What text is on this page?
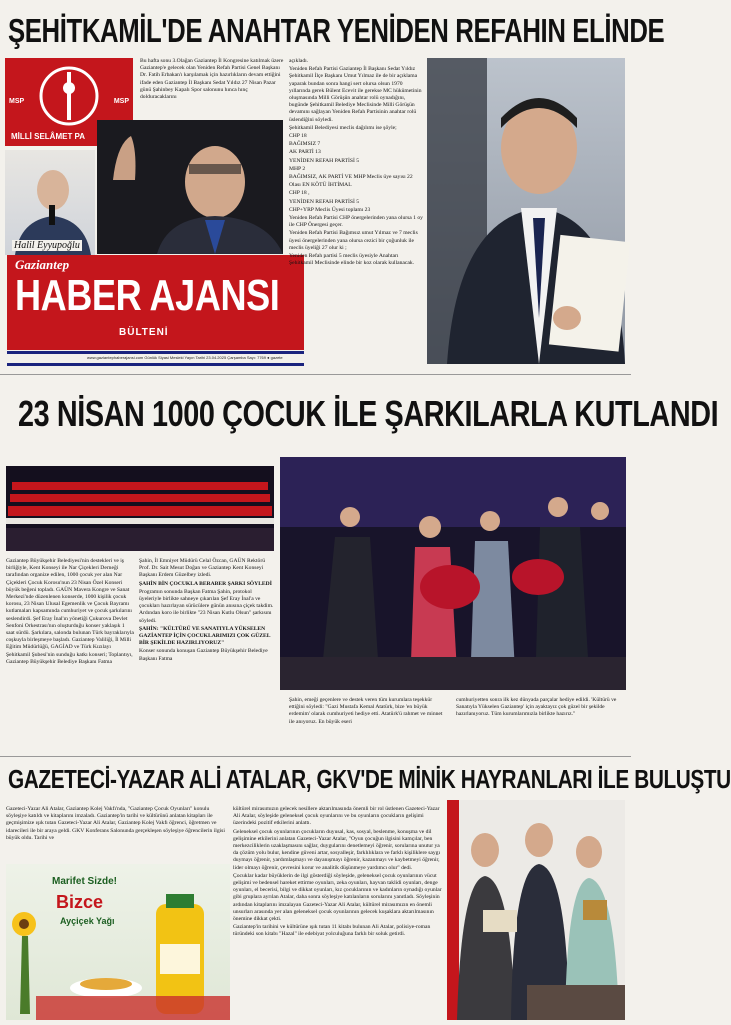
ŞEHİTKAMİL'DE ANAHTAR YENİDEN REFAHIN ELİNDE
MSP	MSP
MİLLİ SELÂMET PA
Halil Eyyupoğlu
Gaziantep
HABER AJANSI
BÜLTENİ
www.gaziantephaberajansi.com Günlük Siyasi Mesleki Yayın Tarihi 23.04.2025 Çarşamba Sayı: 7769 ● gazete

Bu hafta sonu 3.Olağan Gaziantep İl Kongresine katılmak üzere Gaziantep'e gelecek olan Yeniden Refah Partisi Genel Başkanı Dr. Fatih Erbakan'ı karşılamak için hazırlıkların devam ettiğini ifade eden Gaziantep İl Başkanı Sedat Yıldız 27 Nisan Pazar günü Şahinbey Kapalı Spor salonunu hınca hınç dolduracaklarını

açıkladı.

Yeniden Refah Partisi Gaziantep İl Başkanı Sedat Yıldız Şehitkamil İlçe Başkanı Umut Yılmaz ile de bir açıklama yaparak bundan sonra hangi sert olursa olsun 1970 yıllarında gerek Bülent Ecevit ile gerekse MC hükümetinin oluşmasında Milli Görüşün anahtar rolü oynadığını, bugünde Şehitkamil Belediye Meclisinde Milli Görüşün devamını sağlayan Yeniden Refah Partisinin anahtar rolü üslendiğini söyledi.

Şehitkamil Belediyesi meclis dağılımı ise şöyle;

CHP 18

BAĞIMSIZ 7

AK PARTİ 13

YENİDEN REFAH PARTİSİ 5

MHP 2

BAĞIMSIZ, AK PARTİ VE MHP Meclis üye sayısı 22

Olası EN KÖTÜ İHTİMAL

CHP 18 ,

YENİDEN REFAH PARTİSİ 5

CHP+YRP Meclis Üyesi toplamı 23

Yeniden Refah Partisi CHP önergelerinden yana olursa 1 oy ile CHP Önergesi geçer.

Yeniden Refah Partisi Bağımsız umut Yılmaz ve 7 meclis üyesi önergelerinden yana olursa cezici bir çoğunluk ile meclis üyeliği 27 olur ki ;

Yeniden Refah partisi 5 meclis üyesiyle Anahtarı Şehitkamil Meclisinde elinde bir koz olarak kullanacak.

23 NİSAN 1000 ÇOCUK İLE ŞARKILARLA KUTLANDI

Gaziantep Büyükşehir Belediyesi'nin destekleri ve iş birliğiyle, Kent Konseyi ile Nar Çiçekleri Derneği tarafından organize edilen, 1000 çocuk yer alan Nar Çiçekleri Çocuk Korosu'nun 23 Nisan Özel Konseri büyük beğeni topladı. GAÜN Mavera Kongre ve Sanat Merkezi'nde düzenlenen konserde, 1000 kişilik çocuk korosu, 23 Nisan Ulusal Egemenlik ve Çocuk Bayramı kutlamaları kapsamında cumhuriyet ve çocuk şarkılarını seslendirdi. Şef Eray İnal'ın yönetiği Çukurova Devlet Senfoni Orkestrası'nın oluşturduğu konser yaklaşık 1 saat sürdü. Şarkılara, salonda bulunan Türk bayraklarıyla coşkuyla birleşmeye başladı. Gaziantep Valiliği, İl Milli Eğitim Müdürlüğü, GAGİAD ve Türk Kızılayı Şehitkamil Şubesi'nin sunduğu katkı konseri; Toplantıyı, Gaziantep Büyükşehir Belediye Başkanı Fatma

Şahin, İl Emniyet Müdürü Celal Özcan, GAÜN Rektörü Prof. Dr. Sait Mesut Doğan ve Gaziantep Kent Konseyi Başkanı Erdem Güzelbey izledi.

ŞAHİN BİN ÇOCUKLA BERABER ŞARKI SÖYLEDİ

Programın sonunda Başkan Fatma Şahin, protokol üyeleriyle birlikte sahneye çıkarılan Şef Eray İnal'a ve çocukları hazırlayan sürücülere günün anısına çiçek takdim. Ardından koro ile birlikte "23 Nisan Kutlu Olsun" şarkısını söyledi.

ŞAHİN: "KÜLTÜRÜ VE SANATIYLA YÜKSELEN GAZİANTEP İÇİN ÇOCUKLARIMIZI ÇOK GÜZEL BİR ŞEKİLDE HAZIRLIYORUZ"

Konser sonunda konuşan Gaziantep Büyükşehir Belediye Başkanı Fatma

Şahin, emeği geçenlere ve destek veren tüm kurumlara teşekkür ettiğini söyledi: "Gazi Mustafa Kemal Atatürk, bize 'en büyük erdemim' olarak cumhuriyeti hediye etti. Atatürk'ü rahmet ve minnet ile anıyoruz. En büyük eseri

cumhuriyetten sonra ilk kez dünyada parçalar hediye edildi. 'Kültürü ve Sanatıyla Yükselen Gaziantep' için ayaktayız çok güzel bir şekilde hazırlanıyoruz. Tüm kurumlarımızla birlikte hazırız."

GAZETECİ-YAZAR ALİ ATALAR, GKV'DE MİNİK HAYRANLARI İLE BULUŞTU

Gazeteci-Yazar Ali Atalar, Gaziantep Kolej Vakfı'nda, "Gaziantep Çocuk Oyunları" konulu söyleşiye katıldı ve kitaplarını imzaladı. Gaziantep'in tarihi ve kültürünü anlatan kitapları ile geçmişimize ışık tutan Gazeteci-Yazar Ali Atalar, Gaziantep Kolej Vakfı öğrenci, öğretmen ve idarecileri ile bir araya geldi. GKV Konferans Salonunda gerçekleşen söyleşiye öğrencilerin ilgisi büyük oldu. Tarihi ve

kültürel mirasımızın gelecek nesillere aktarılmasında önemli bir rol üstlenen Gazeteci-Yazar Ali Atalar, söyleşide geleneksel çocuk oyunlarını ve bu oyunların çocukların gelişimi üzerindeki pozitif etkilerini anlattı.

Geleneksel çocuk oyunlarının çocukların duyusal, kas, sosyal, beslenme, konuşma ve dil gelişimine etkilerini anlatan Gazeteci-Yazar Atalar, "Oyun çocuğun ilgisini kamçılar, ben merkezciliklerin uzaklaşmasını sağlar, duygularını denetlemeyi öğrenir, sorularına unutur ya da çözüm yolu bulur, kendine güveni artar, sosyalleşir, farklılıklara ve farklı kişiliklere saygı duymayı öğrenir, yardımlaşmayı ve dayanışmayı öğrenir, kazanmayı ve kaybetmeyi öğrenir, lider olmayı öğrenir, çevresini korur ve analitik düşünmeye yardımcı olur" dedi.

Çocuklar kadar büyüklerin de ilgi gösterdiği söyleşide, geleneksel çocuk oyunlarının vücut gelişimi ve bedensel hareket ettirme oyunları, zeka oyunları, hayvan taklidi oyunları, denge oyunları, el becerisi, bilgi ve dikkat oyunları, kız çocuklarının ve kadınların oynadığı oyunlar gibi gruplara ayrılan Atalar, daha sonra söyleşiye katılanların sorularını yanıtladı. Söyleşinin ardından kitaplarını imzalayan Gazeteci-Yazar Ali Atalar, kültürel mirasımızın en önemli unsurları arasında yer alan geleneksel çocuk oyunlarının gelecek kuşaklara aktarılmasının önemine dikkat çekti.

Gaziantep'in tarihini ve kültürüne ışık tutan 11 kitabı bulunan Ali Atalar, polisiye-roman türündeki son kitabı "Hazal" ile edebiyat yolculuğuna farklı bir soluk getirdi.

Marifet Sizde!
Bizce
Ayçiçek Yağı
